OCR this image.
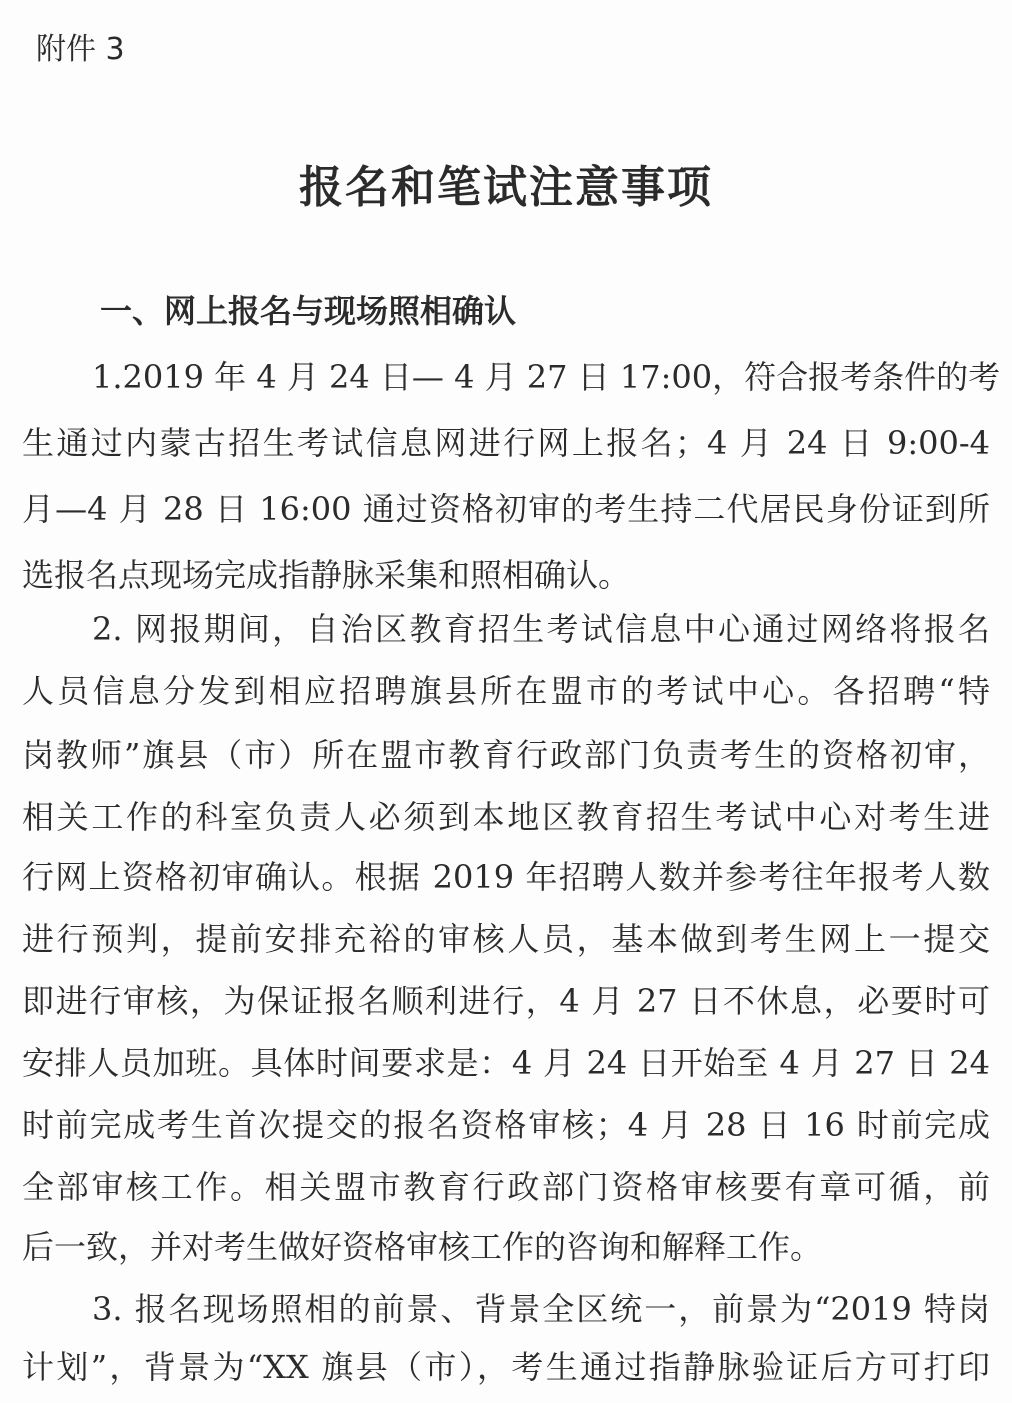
附件 3
报名和笔试注意事项
一、网上报名与现场照相确认
1.2019 年 4 月 24 日— 4 月 27 日 17:00，符合报考条件的考
生通过内蒙古招生考试信息网进行网上报名；4 月 24 日 9:00-4
月—4 月 28 日 16:00 通过资格初审的考生持二代居民身份证到所
选报名点现场完成指静脉采集和照相确认。
2. 网报期间，自治区教育招生考试信息中心通过网络将报名
人员信息分发到相应招聘旗县所在盟市的考试中心。各招聘“特
岗教师”旗县（市）所在盟市教育行政部门负责考生的资格初审，
相关工作的科室负责人必须到本地区教育招生考试中心对考生进
行网上资格初审确认。根据 2019 年招聘人数并参考往年报考人数
进行预判，提前安排充裕的审核人员，基本做到考生网上一提交
即进行审核，为保证报名顺利进行，4 月 27 日不休息，必要时可
安排人员加班。具体时间要求是：4 月 24 日开始至 4 月 27 日 24
时前完成考生首次提交的报名资格审核；4 月 28 日 16 时前完成
全部审核工作。相关盟市教育行政部门资格审核要有章可循，前
后一致，并对考生做好资格审核工作的咨询和解释工作。
3. 报名现场照相的前景、背景全区统一，前景为“2019 特岗
计划”，背景为“XX 旗县（市），考生通过指静脉验证后方可打印
